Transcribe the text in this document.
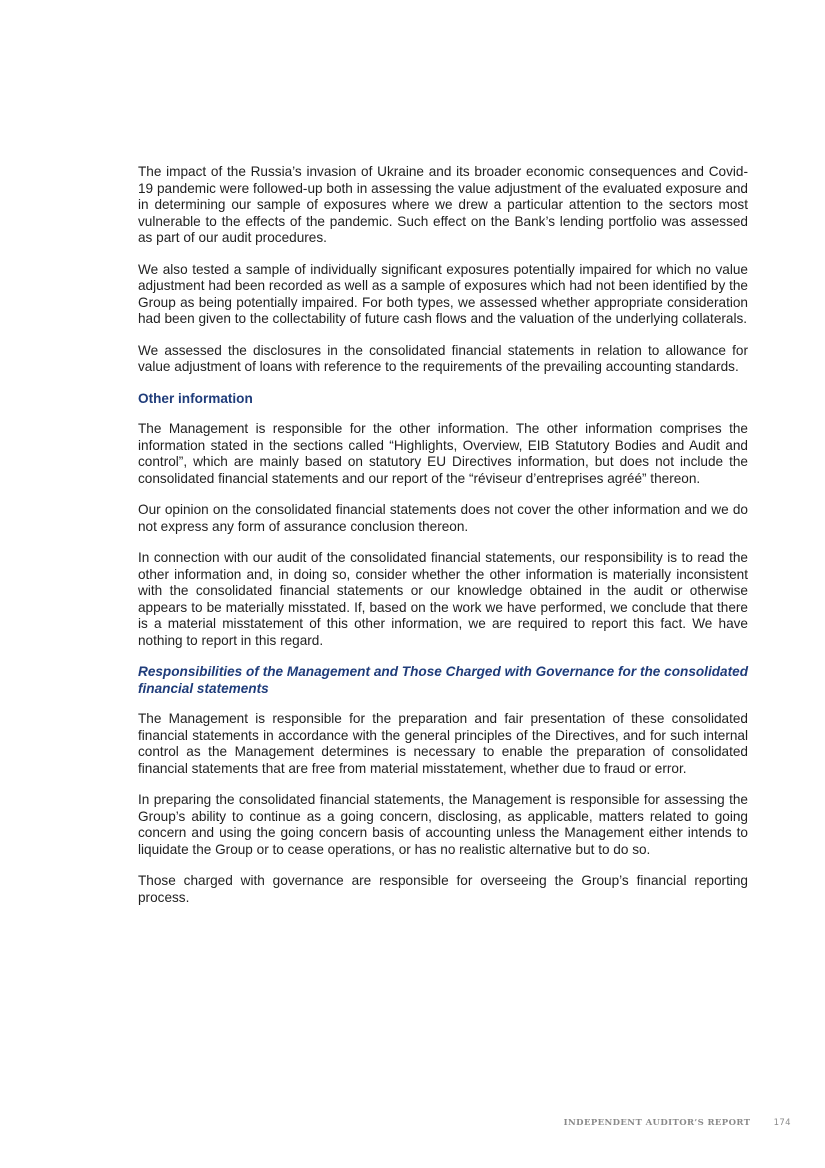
The impact of the Russia’s invasion of Ukraine and its broader economic consequences and Covid-19 pandemic were followed-up both in assessing the value adjustment of the evaluated exposure and in determining our sample of exposures where we drew a particular attention to the sectors most vulnerable to the effects of the pandemic. Such effect on the Bank’s lending portfolio was assessed as part of our audit procedures.

We also tested a sample of individually significant exposures potentially impaired for which no value adjustment had been recorded as well as a sample of exposures which had not been identified by the Group as being potentially impaired. For both types, we assessed whether appropriate consideration had been given to the collectability of future cash flows and the valuation of the underlying collaterals.

We assessed the disclosures in the consolidated financial statements in relation to allowance for value adjustment of loans with reference to the requirements of the prevailing accounting standards.

Other information

The Management is responsible for the other information. The other information comprises the information stated in the sections called “Highlights, Overview, EIB Statutory Bodies and Audit and control”, which are mainly based on statutory EU Directives information, but does not include the consolidated financial statements and our report of the “réviseur d’entreprises agréé” thereon.

Our opinion on the consolidated financial statements does not cover the other information and we do not express any form of assurance conclusion thereon.

In connection with our audit of the consolidated financial statements, our responsibility is to read the other information and, in doing so, consider whether the other information is materially inconsistent with the consolidated financial statements or our knowledge obtained in the audit or otherwise appears to be materially misstated. If, based on the work we have performed, we conclude that there is a material misstatement of this other information, we are required to report this fact. We have nothing to report in this regard.

Responsibilities of the Management and Those Charged with Governance for the consolidated financial statements

The Management is responsible for the preparation and fair presentation of these consolidated financial statements in accordance with the general principles of the Directives, and for such internal control as the Management determines is necessary to enable the preparation of consolidated financial statements that are free from material misstatement, whether due to fraud or error.

In preparing the consolidated financial statements, the Management is responsible for assessing the Group’s ability to continue as a going concern, disclosing, as applicable, matters related to going concern and using the going concern basis of accounting unless the Management either intends to liquidate the Group or to cease operations, or has no realistic alternative but to do so.

Those charged with governance are responsible for overseeing the Group’s financial reporting process.

INDEPENDENT AUDITOR’S REPORT	174
